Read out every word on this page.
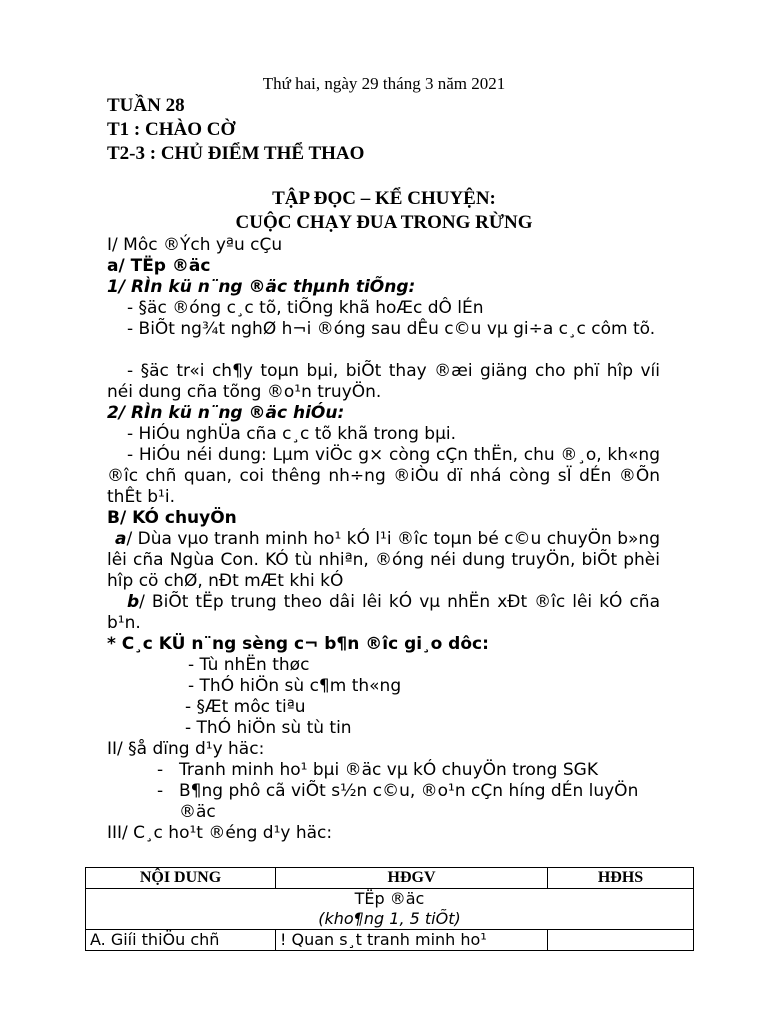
Thứ hai, ngày 29 tháng 3 năm 2021
TUẦN 28
T1 : CHÀO CỜ
T2-3 : CHỦ ĐIỂM THỂ THAO
TẬP ĐỌC – KỂ CHUYỆN:
CUỘC CHẠY ĐUA TRONG RỪNG
I/ Môc ®Ých yªu cÇu
a/ TËp ®äc
1/ RÌn kü n¨ng ®äc thµnh tiÕng:
- §äc ®óng c¸c tõ, tiÕng khã hoÆc dÔ lÉn
- BiÕt ng¾t nghØ h¬i ®óng sau dÊu c©u vµ gi÷a c¸c côm tõ.
- §äc tr«i ch¶y toµn bµi, biÕt thay ®æi giäng cho phï hîp víi néi dung cña tõng ®o¹n truyÖn.
2/ RÌn kü n¨ng ®äc hiÓu:
- HiÓu nghÜa cña c¸c tõ khã trong bµi.
- HiÓu néi dung: Lµm viÖc g× còng cÇn thËn, chu ®¸o, kh«ng ®îc chñ quan, coi thêng nh÷ng ®iÒu dï nhá còng sÏ dÉn ®Õn thÊt b¹i.
B/ KÓ chuyÖn
a/ Dùa vµo tranh minh ho¹ kÓ l¹i ®îc toµn bé c©u chuyÖn b»ng lêi cña Ngùa Con. KÓ tù nhiªn, ®óng néi dung truyÖn, biÕt phèi hîp cö chØ, nÐt mÆt khi kÓ
b/ BiÕt tËp trung theo dâi lêi kÓ vµ nhËn xÐt ®îc lêi kÓ cña b¹n.
* C¸c KÜ n¨ng sèng c¬ b¶n ®îc gi¸o dôc:
- Tù nhËn thøc
- ThÓ hiÖn sù c¶m th«ng
- §Æt môc tiªu
- ThÓ hiÖn sù tù tin
II/ §å dïng d¹y häc:
- Tranh minh ho¹ bµi ®äc vµ kÓ chuyÖn trong SGK
- B¶ng phô cã viÕt s½n c©u, ®o¹n cÇn híng dÉn luyÖn
®äc
III/ C¸c ho¹t ®éng d¹y häc:
NỘI DUNG	HĐGV	HĐHS

TËp ®äc
(kho¶ng 1, 5 tiÕt)		

A. Giíi thiÖu chñ	! Quan s¸t tranh minh ho¹	
